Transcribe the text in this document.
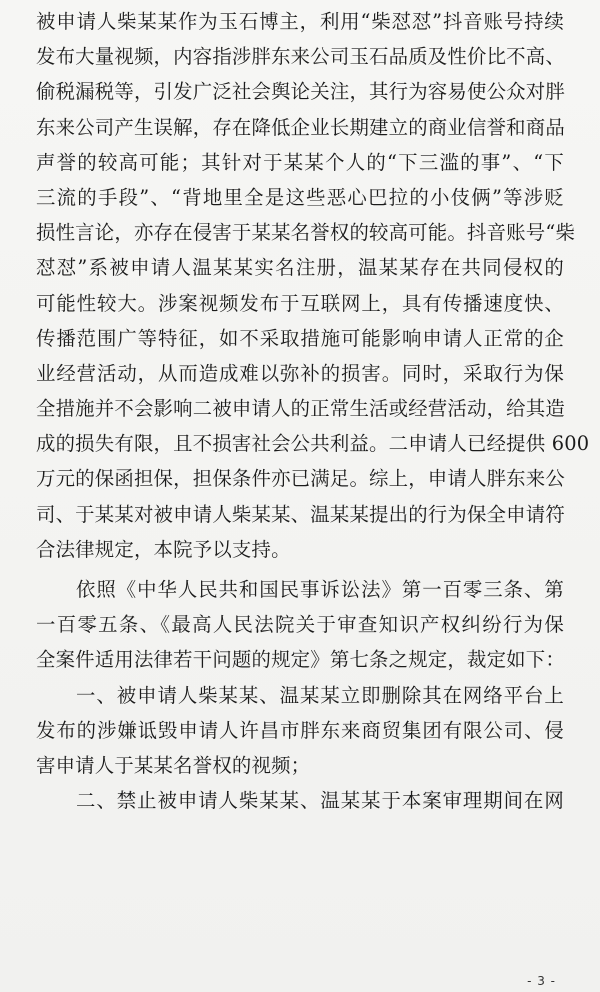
被申请人柴某某作为玉石博主，利用“柴怼怼”抖音账号持续
发布大量视频，内容指涉胖东来公司玉石品质及性价比不高、
偷税漏税等，引发广泛社会舆论关注，其行为容易使公众对胖
东来公司产生误解，存在降低企业长期建立的商业信誉和商品
声誉的较高可能；其针对于某某个人的“下三滥的事”、“下
三流的手段”、“背地里全是这些恶心巴拉的小伎俩”等涉贬
损性言论，亦存在侵害于某某名誉权的较高可能。抖音账号“柴
怼怼”系被申请人温某某实名注册，温某某存在共同侵权的
可能性较大。涉案视频发布于互联网上，具有传播速度快、
传播范围广等特征，如不采取措施可能影响申请人正常的企
业经营活动，从而造成难以弥补的损害。同时，采取行为保
全措施并不会影响二被申请人的正常生活或经营活动，给其造
成的损失有限，且不损害社会公共利益。二申请人已经提供 600
万元的保函担保，担保条件亦已满足。综上，申请人胖东来公
司、于某某对被申请人柴某某、温某某提出的行为保全申请符
合法律规定，本院予以支持。
依照《中华人民共和国民事诉讼法》第一百零三条、第
一百零五条、《最高人民法院关于审查知识产权纠纷行为保
全案件适用法律若干问题的规定》第七条之规定，裁定如下：
一、被申请人柴某某、温某某立即删除其在网络平台上
发布的涉嫌诋毁申请人许昌市胖东来商贸集团有限公司、侵
害申请人于某某名誉权的视频；
二、禁止被申请人柴某某、温某某于本案审理期间在网
- 3 -
